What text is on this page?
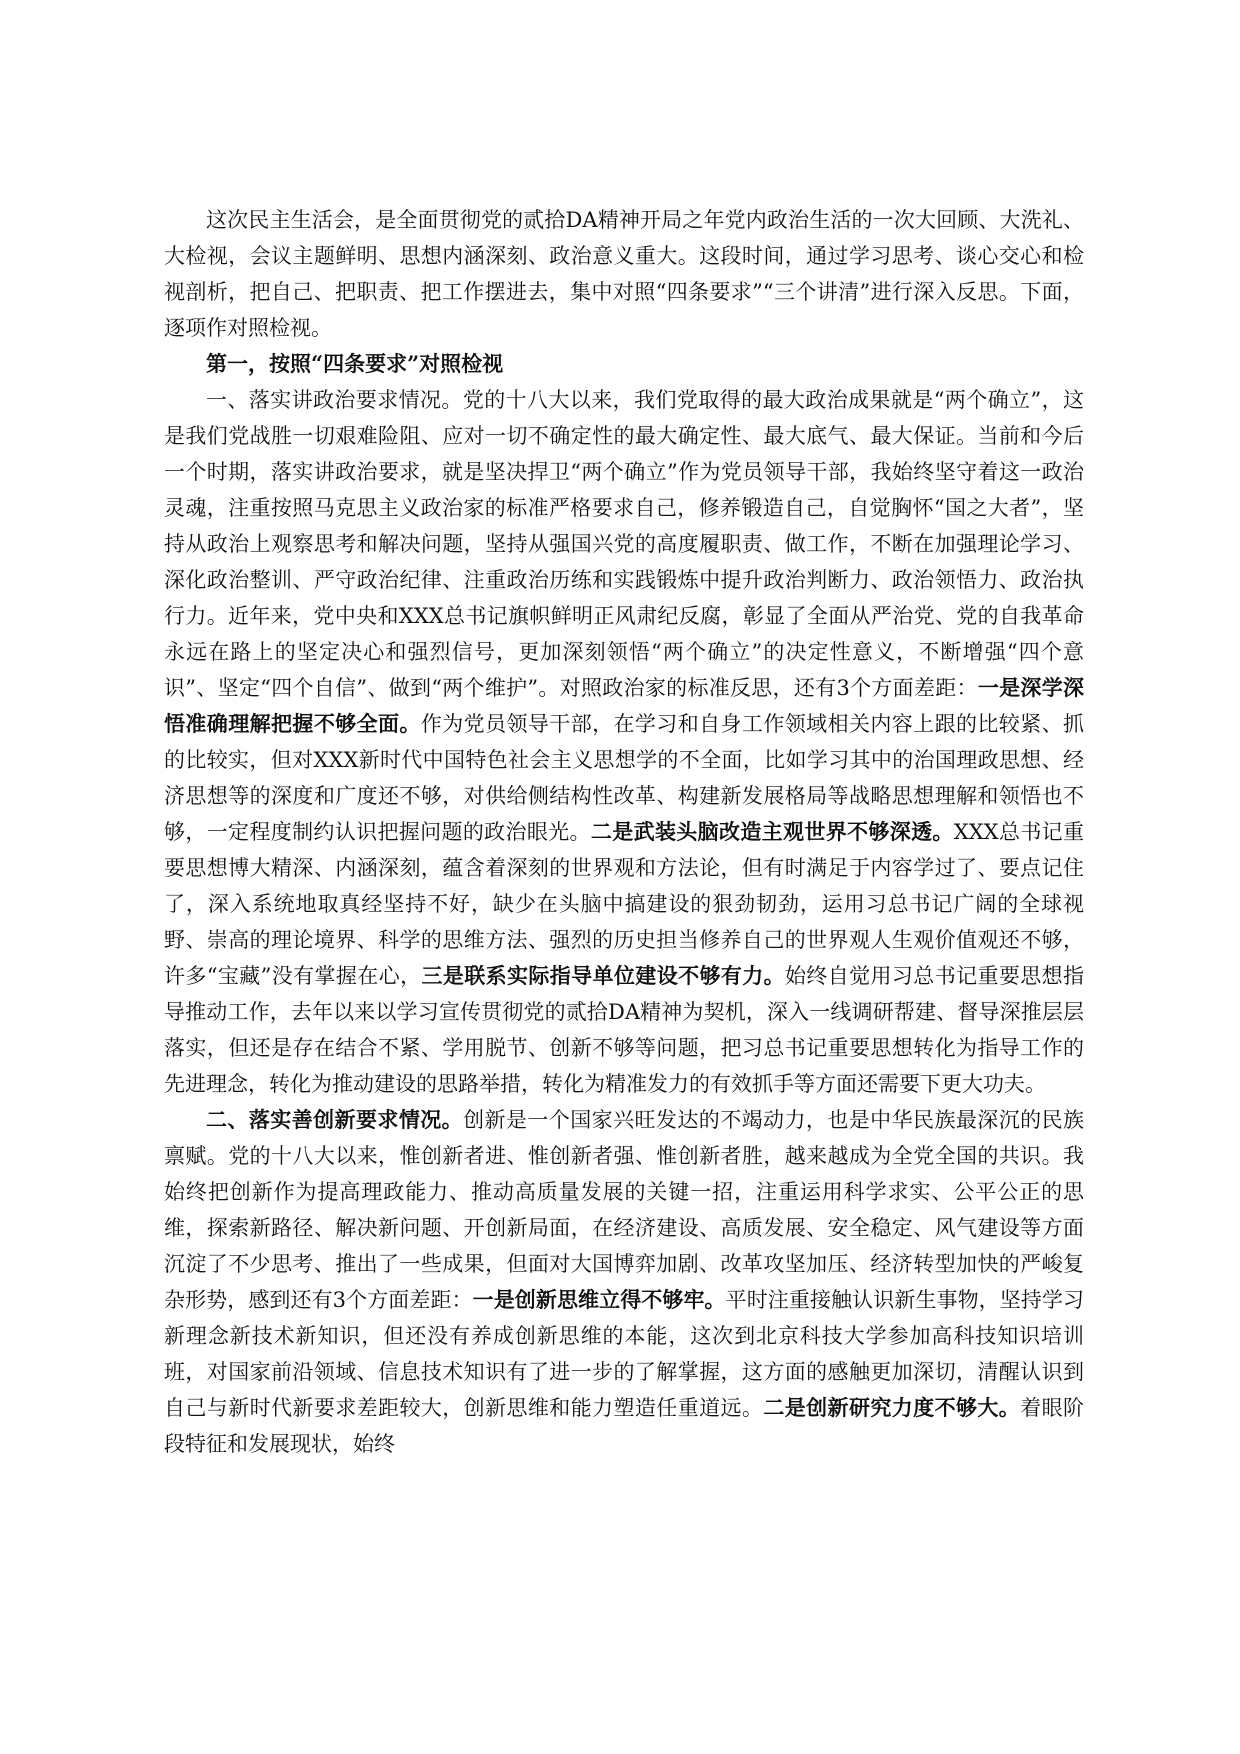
这次民主生活会，是全面贯彻党的贰拾DA精神开局之年党内政治生活的一次大回顾、大洗礼、大检视，会议主题鲜明、思想内涵深刻、政治意义重大。这段时间，通过学习思考、谈心交心和检视剖析，把自己、把职责、把工作摆进去，集中对照“四条要求”“三个讲清”进行深入反思。下面，逐项作对照检视。

第一，按照“四条要求”对照检视

一、落实讲政治要求情况。党的十八大以来，我们党取得的最大政治成果就是“两个确立”，这是我们党战胜一切艰难险阻、应对一切不确定性的最大确定性、最大底气、最大保证。当前和今后一个时期，落实讲政治要求，就是坚决捍卫“两个确立”作为党员领导干部，我始终坚守着这一政治灵魂，注重按照马克思主义政治家的标准严格要求自己，修养锻造自己，自觉胸怀“国之大者”，坚持从政治上观察思考和解决问题，坚持从强国兴党的高度履职责、做工作，不断在加强理论学习、深化政治整训、严守政治纪律、注重政治历练和实践锻炼中提升政治判断力、政治领悟力、政治执行力。近年来，党中央和XXX总书记旗帜鲜明正风肃纪反腐，彰显了全面从严治党、党的自我革命永远在路上的坚定决心和强烈信号，更加深刻领悟“两个确立”的决定性意义，不断增强“四个意识”、坚定“四个自信”、做到“两个维护”。对照政治家的标准反思，还有3个方面差距：一是深学深悟准确理解把握不够全面。作为党员领导干部，在学习和自身工作领域相关内容上跟的比较紧、抓的比较实，但对XXX新时代中国特色社会主义思想学的不全面，比如学习其中的治国理政思想、经济思想等的深度和广度还不够，对供给侧结构性改革、构建新发展格局等战略思想理解和领悟也不够，一定程度制约认识把握问题的政治眼光。二是武装头脑改造主观世界不够深透。XXX总书记重要思想博大精深、内涵深刻，蕴含着深刻的世界观和方法论，但有时满足于内容学过了、要点记住了，深入系统地取真经坚持不好，缺少在头脑中搞建设的狠劲韧劲，运用习总书记广阔的全球视野、崇高的理论境界、科学的思维方法、强烈的历史担当修养自己的世界观人生观价值观还不够，许多“宝藏”没有掌握在心，三是联系实际指导单位建设不够有力。始终自觉用习总书记重要思想指导推动工作，去年以来以学习宣传贯彻党的贰拾DA精神为契机，深入一线调研帮建、督导深推层层落实，但还是存在结合不紧、学用脱节、创新不够等问题，把习总书记重要思想转化为指导工作的先进理念，转化为推动建设的思路举措，转化为精准发力的有效抓手等方面还需要下更大功夫。

二、落实善创新要求情况。创新是一个国家兴旺发达的不竭动力，也是中华民族最深沉的民族禀赋。党的十八大以来，惟创新者进、惟创新者强、惟创新者胜，越来越成为全党全国的共识。我始终把创新作为提高理政能力、推动高质量发展的关键一招，注重运用科学求实、公平公正的思维，探索新路径、解决新问题、开创新局面，在经济建设、高质发展、安全稳定、风气建设等方面沉淀了不少思考、推出了一些成果，但面对大国博弈加剧、改革攻坚加压、经济转型加快的严峻复杂形势，感到还有3个方面差距：一是创新思维立得不够牢。平时注重接触认识新生事物，坚持学习新理念新技术新知识，但还没有养成创新思维的本能，这次到北京科技大学参加高科技知识培训班，对国家前沿领域、信息技术知识有了进一步的了解掌握，这方面的感触更加深切，清醒认识到自己与新时代新要求差距较大，创新思维和能力塑造任重道远。二是创新研究力度不够大。着眼阶段特征和发展现状，始终
